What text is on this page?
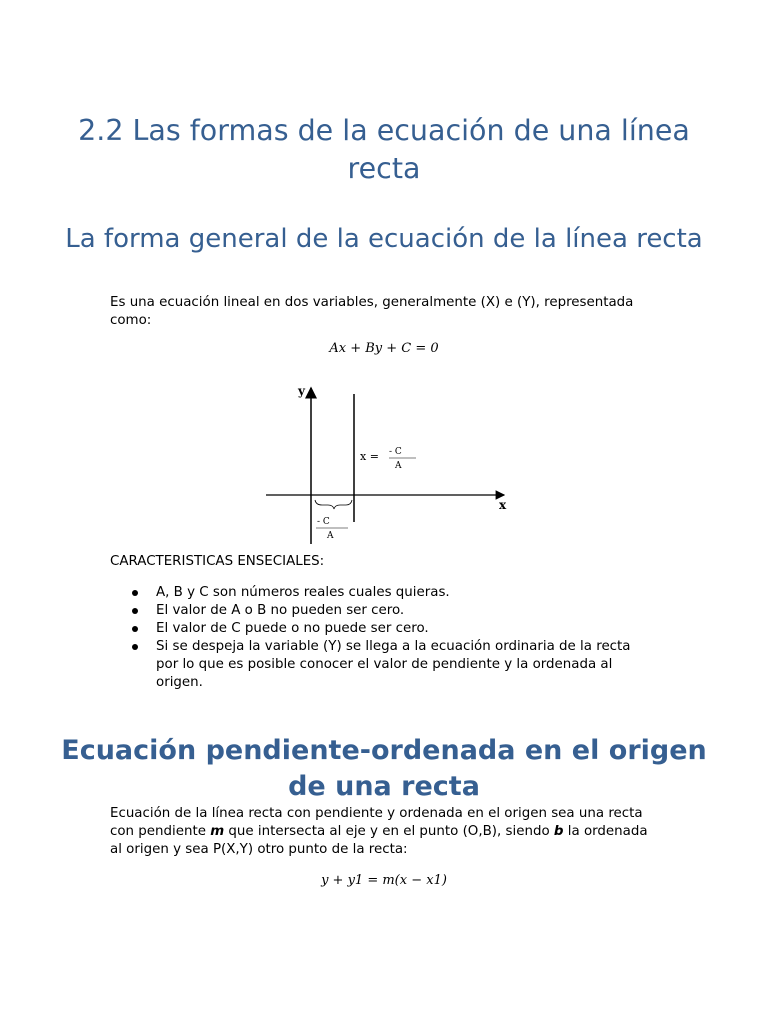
2.2 Las formas de la ecuación de una línea recta
La forma general de la ecuación de la línea recta

Es una ecuación lineal en dos variables, generalmente (X) e (Y), representada como:

Ax + By + C = 0
y
x
x = - C
A
- C
A

CARACTERISTICAS ENSECIALES:

A, B y C son números reales cuales quieras.
El valor de A o B no pueden ser cero.
El valor de C puede o no puede ser cero.
Si se despeja la variable (Y) se llega a la ecuación ordinaria de la recta por lo que es posible conocer el valor de pendiente y la ordenada al origen.
Ecuación pendiente-ordenada en el origen de una recta

Ecuación de la línea recta con pendiente y ordenada en el origen sea una recta con pendiente m que intersecta al eje y en el punto (O,B), siendo b la ordenada al origen y sea P(X,Y) otro punto de la recta:

y + y1 = m(x − x1)
